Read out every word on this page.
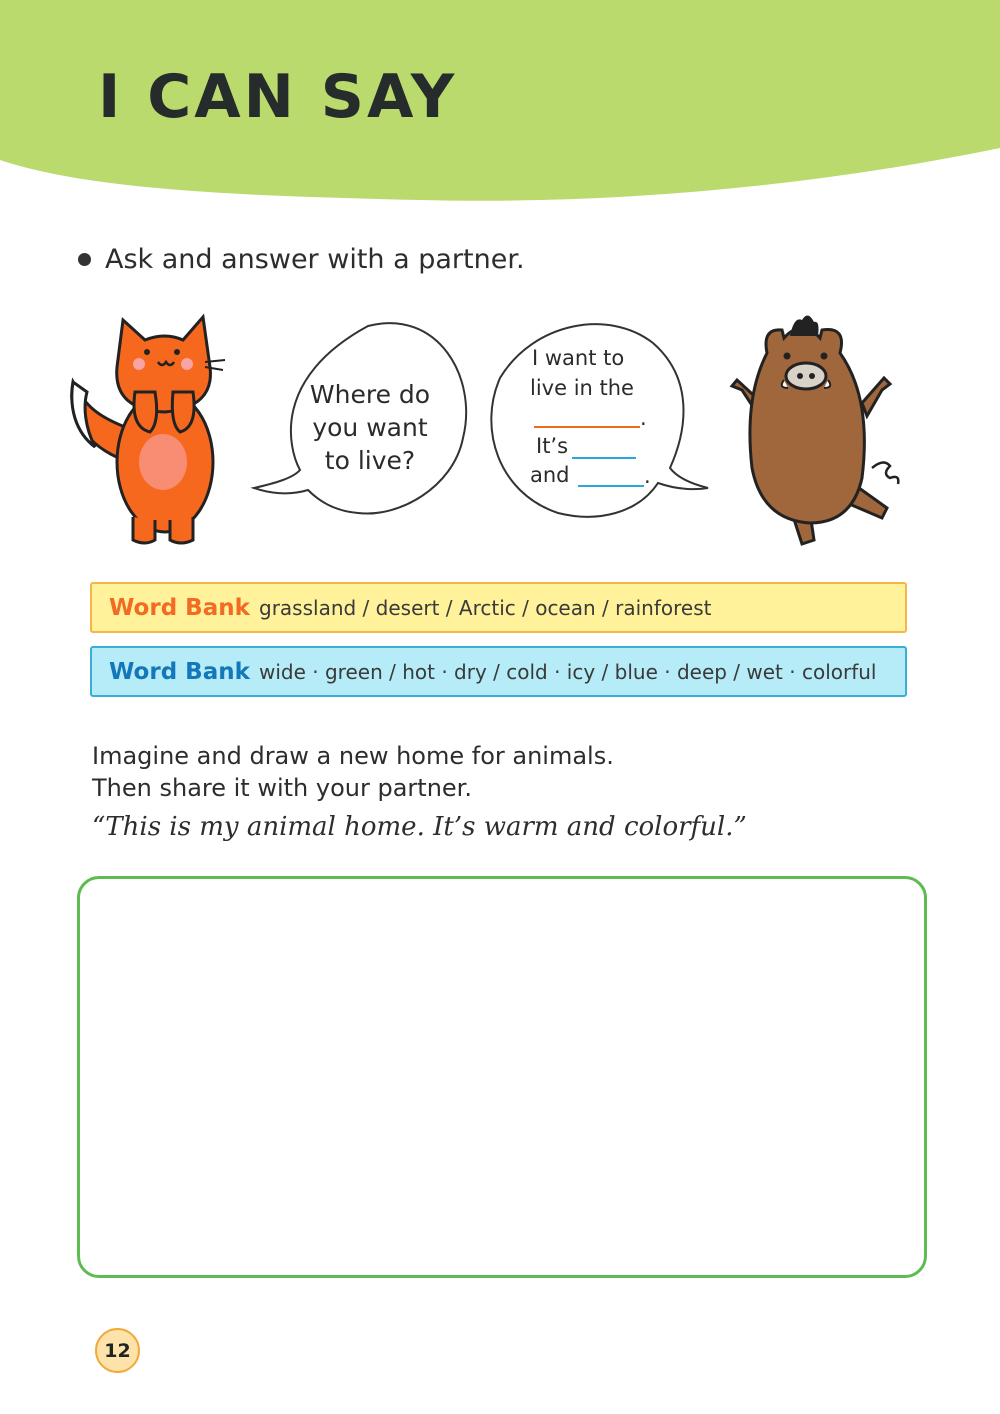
I CAN SAY
Ask and answer with a partner.
Where do
you want
to live?
I want to
live in the
.
It’s
and	.
Word Bank grassland / desert / Arctic / ocean / rainforest
Word Bank wide · green / hot · dry / cold · icy / blue · deep / wet · colorful
Imagine and draw a new home for animals.
Then share it with your partner.
“This is my animal home. It’s warm and colorful.”
12
